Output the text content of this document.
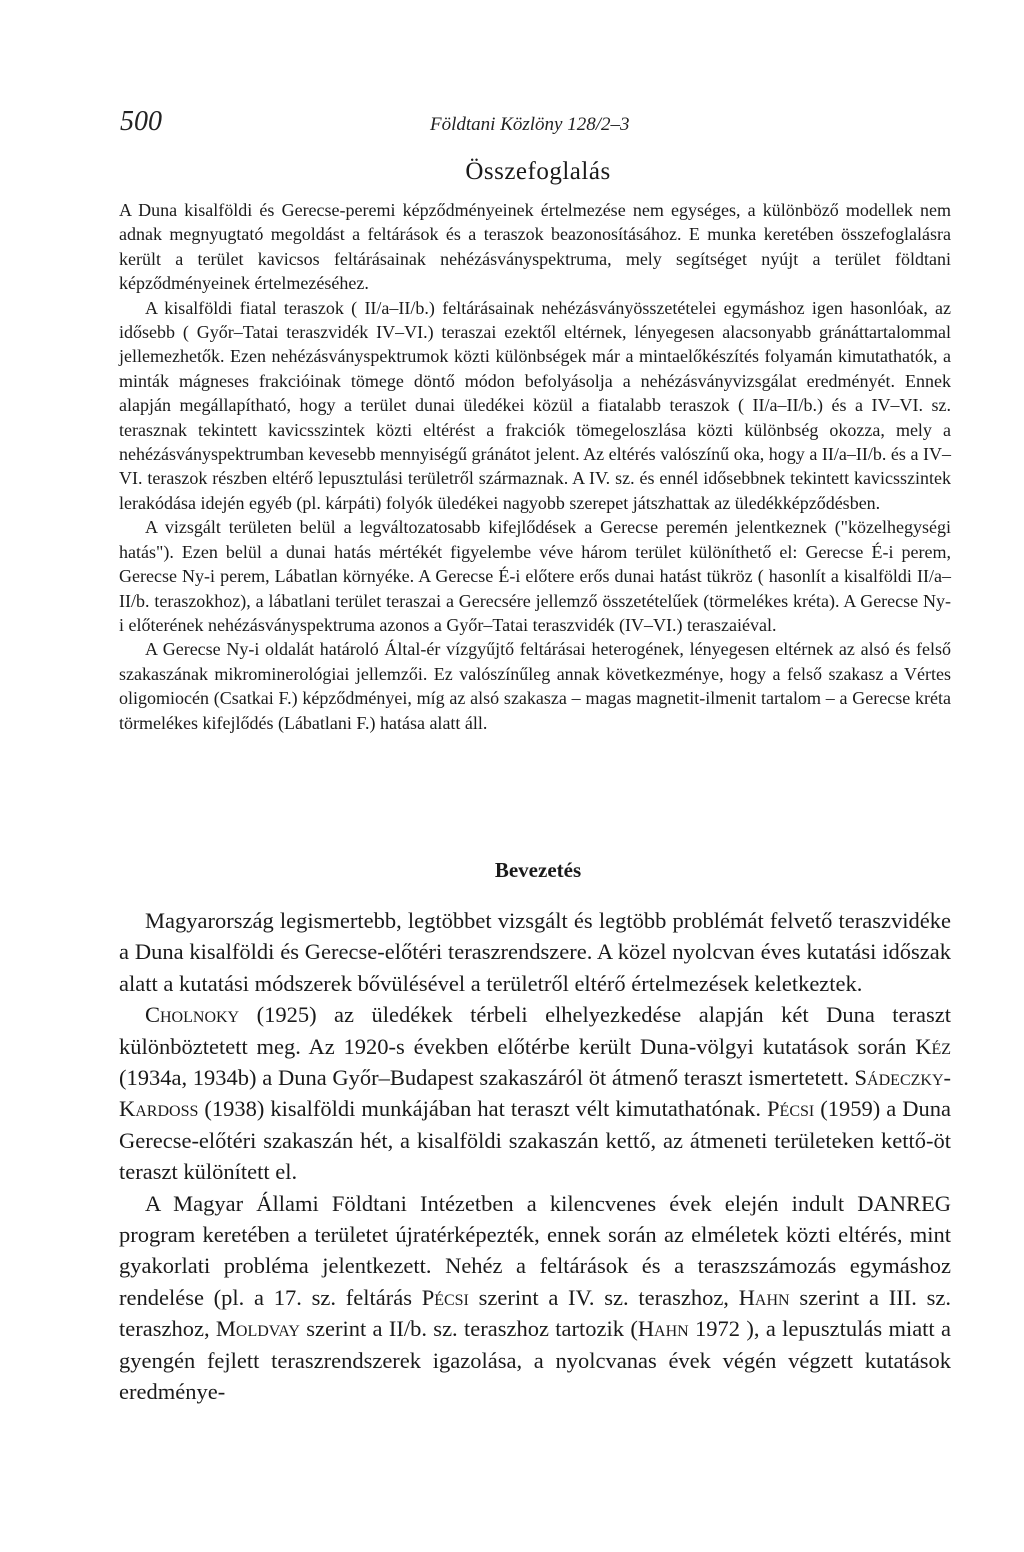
500	Földtani Közlöny 128/2–3
Összefoglalás

A Duna kisalföldi és Gerecse-peremi képződményeinek értelmezése nem egységes, a különböző modellek nem adnak megnyugtató megoldást a feltárások és a teraszok beazonosításához. E munka keretében összefoglalásra került a terület kavicsos feltárásainak nehézásványspektruma, mely segítséget nyújt a terület földtani képződményeinek értelmezéséhez.

A kisalföldi fiatal teraszok ( II/a–II/b.) feltárásainak nehézásványösszetételei egymáshoz igen hasonlóak, az idősebb ( Győr–Tatai teraszvidék IV–VI.) teraszai ezektől eltérnek, lényegesen alacsonyabb gránáttartalommal jellemezhetők. Ezen nehézásványspektrumok közti különbségek már a mintaelőkészítés folyamán kimutathatók, a minták mágneses frakcióinak tömege döntő módon befolyásolja a nehézásványvizsgálat eredményét. Ennek alapján megállapítható, hogy a terület dunai üledékei közül a fiatalabb teraszok ( II/a–II/b.) és a IV–VI. sz. terasznak tekintett kavicsszintek közti eltérést a frakciók tömegeloszlása közti különbség okozza, mely a nehézásványspektrumban kevesebb mennyiségű gránátot jelent. Az eltérés valószínű oka, hogy a II/a–II/b. és a IV–VI. teraszok részben eltérő lepusztulási területről származnak. A IV. sz. és ennél idősebbnek tekintett kavicsszintek lerakódása idején egyéb (pl. kárpáti) folyók üledékei nagyobb szerepet játszhattak az üledékképződésben.

A vizsgált területen belül a legváltozatosabb kifejlődések a Gerecse peremén jelentkeznek ("közelhegységi hatás"). Ezen belül a dunai hatás mértékét figyelembe véve három terület különíthető el: Gerecse É-i perem, Gerecse Ny-i perem, Lábatlan környéke. A Gerecse É-i előtere erős dunai hatást tükröz ( hasonlít a kisalföldi II/a–II/b. teraszokhoz), a lábatlani terület teraszai a Gerecsére jellemző összetételűek (törmelékes kréta). A Gerecse Ny-i előterének nehézásványspektruma azonos a Győr–Tatai teraszvidék (IV–VI.) teraszaiéval.

A Gerecse Ny-i oldalát határoló Által-ér vízgyűjtő feltárásai heterogének, lényegesen eltérnek az alsó és felső szakaszának mikrominerológiai jellemzői. Ez valószínűleg annak következménye, hogy a felső szakasz a Vértes oligomiocén (Csatkai F.) képződményei, míg az alsó szakasza – magas magnetit-ilmenit tartalom – a Gerecse kréta törmelékes kifejlődés (Lábatlani F.) hatása alatt áll.

Bevezetés

Magyarország legismertebb, legtöbbet vizsgált és legtöbb problémát felvető teraszvidéke a Duna kisalföldi és Gerecse-előtéri teraszrendszere. A közel nyolcvan éves kutatási időszak alatt a kutatási módszerek bővülésével a területről eltérő értelmezések keletkeztek.

Cholnoky (1925) az üledékek térbeli elhelyezkedése alapján két Duna teraszt különböztetett meg. Az 1920-s években előtérbe került Duna-völgyi kutatások során Kéz (1934a, 1934b) a Duna Győr–Budapest szakaszáról öt átmenő teraszt ismertetett. Sádeczky-Kardoss (1938) kisalföldi munkájában hat teraszt vélt kimutathatónak. Pécsi (1959) a Duna Gerecse-előtéri szakaszán hét, a kisalföldi szakaszán kettő, az átmeneti területeken kettő-öt teraszt különített el.

A Magyar Állami Földtani Intézetben a kilencvenes évek elején indult DANREG program keretében a területet újratérképezték, ennek során az elméletek közti eltérés, mint gyakorlati probléma jelentkezett. Nehéz a feltárások és a teraszszámozás egymáshoz rendelése (pl. a 17. sz. feltárás Pécsi szerint a IV. sz. teraszhoz, Hahn szerint a III. sz. teraszhoz, Moldvay szerint a II/b. sz. teraszhoz tartozik (Hahn 1972 ), a lepusztulás miatt a gyengén fejlett teraszrendszerek igazolása, a nyolcvanas évek végén végzett kutatások eredménye-
